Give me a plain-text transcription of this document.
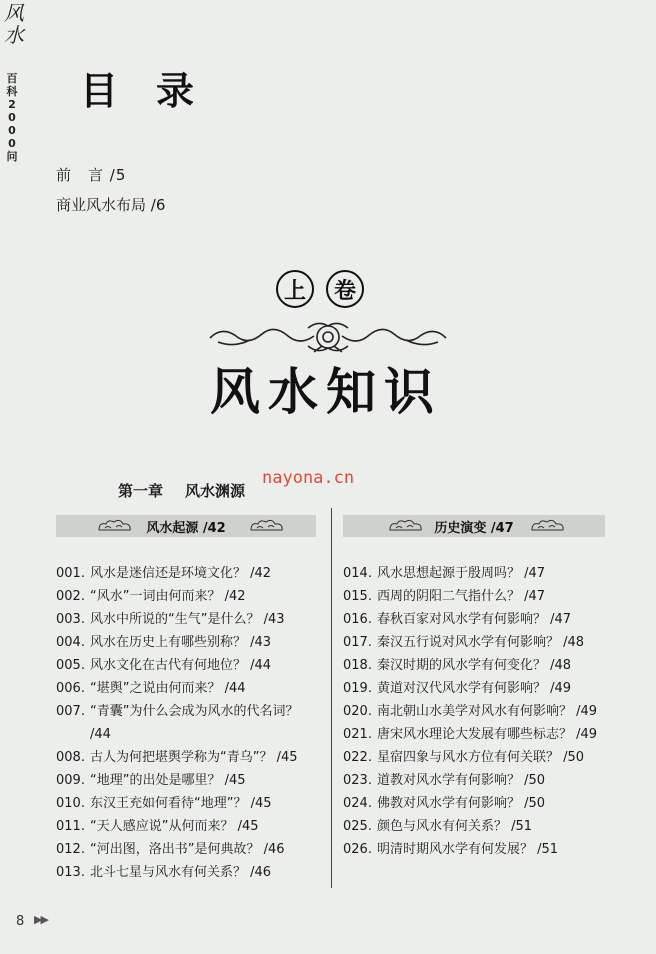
风水
百科2000问
目录
前　言 /5
商业风水布局 /6
上	卷
风水知识
第一章 风水渊源
nayona.cn
风水起源 /42	历史演变 /47
001. 风水是迷信还是环境文化？ /42
002. “风水”一词由何而来？ /42
003. 风水中所说的“生气”是什么？ /43
004. 风水在历史上有哪些别称？ /43
005. 风水文化在古代有何地位？ /44
006. “堪舆”之说由何而来？ /44
007. “青囊”为什么会成为风水的代名词？ /44
008. 古人为何把堪舆学称为“青乌”？ /45
009. “地理”的出处是哪里？ /45
010. 东汉王充如何看待“地理”？ /45
011. “天人感应说”从何而来？ /45
012. “河出图，洛出书”是何典故？ /46
013. 北斗七星与风水有何关系？ /46
014. 风水思想起源于殷周吗？ /47
015. 西周的阴阳二气指什么？ /47
016. 春秋百家对风水学有何影响？ /47
017. 秦汉五行说对风水学有何影响？ /48
018. 秦汉时期的风水学有何变化？ /48
019. 黄道对汉代风水学有何影响？ /49
020. 南北朝山水美学对风水有何影响？ /49
021. 唐宋风水理论大发展有哪些标志？ /49
022. 星宿四象与风水方位有何关联？ /50
023. 道教对风水学有何影响？ /50
024. 佛教对风水学有何影响？ /50
025. 颜色与风水有何关系？ /51
026. 明清时期风水学有何发展？ /51
8 ▶▶
